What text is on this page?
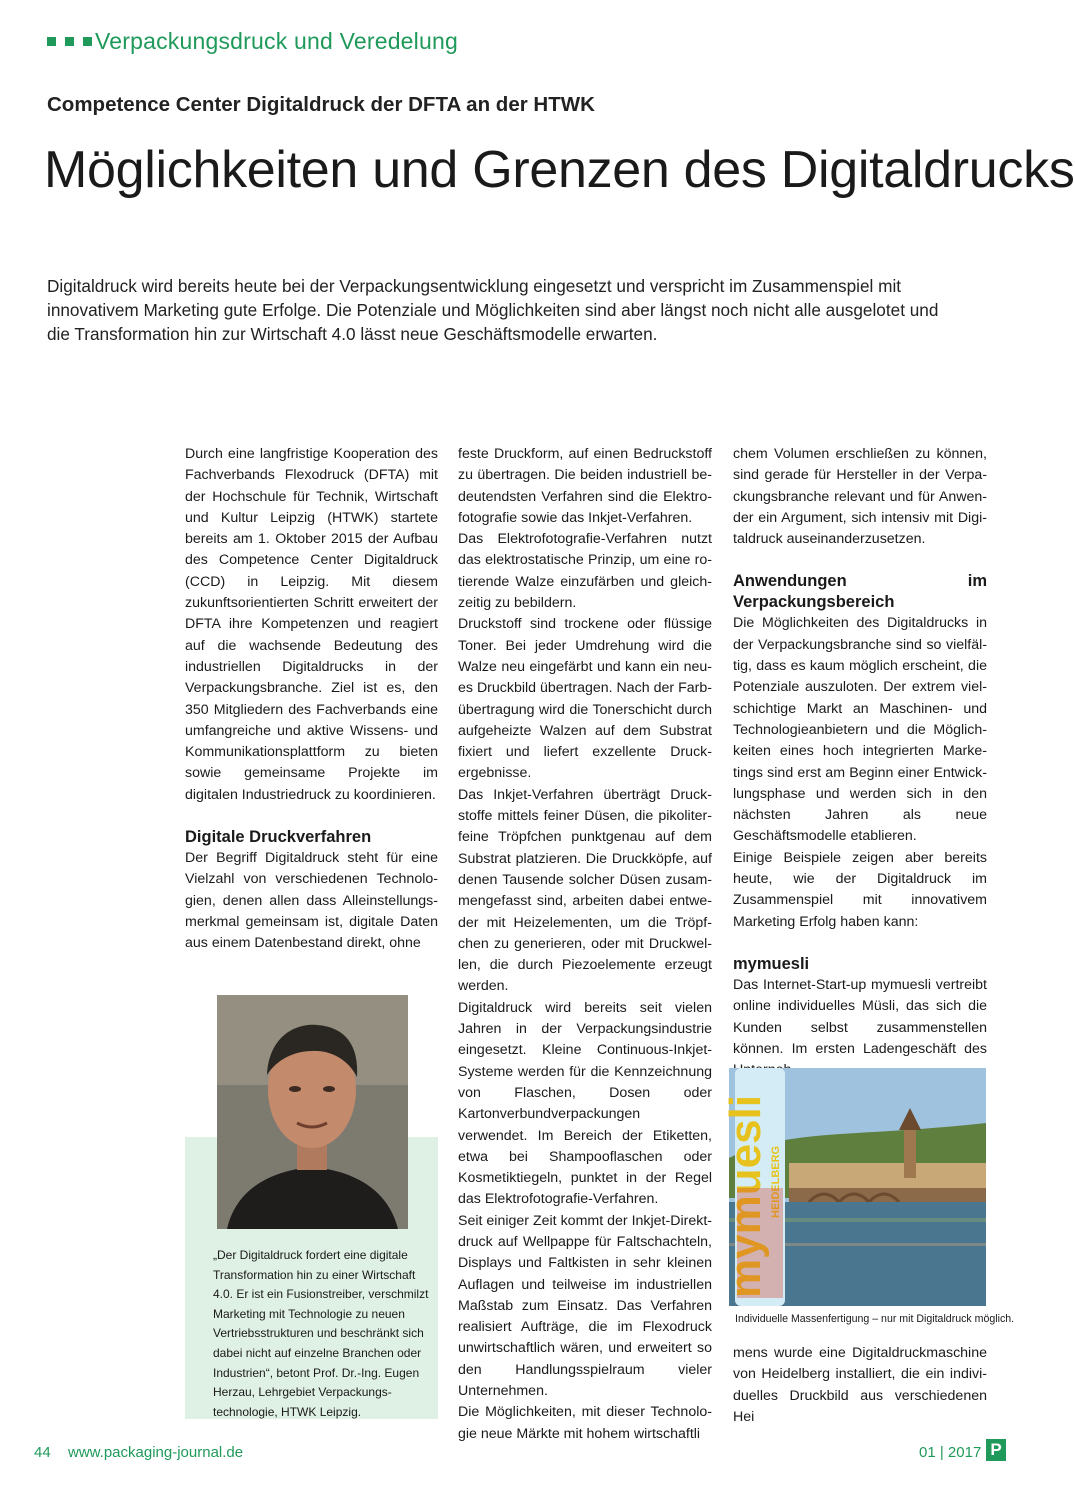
Verpackungsdruck und Veredelung
Competence Center Digitaldruck der DFTA an der HTWK
Möglichkeiten und Grenzen des Digitaldrucks
Digitaldruck wird bereits heute bei der Verpackungsentwicklung eingesetzt und verspricht im Zusammenspiel mit innovativem Marketing gute Erfolge. Die Potenziale und Möglichkeiten sind aber längst noch nicht alle ausgelotet und die Transformation hin zur Wirtschaft 4.0 lässt neue Geschäftsmodelle erwarten.

Durch eine langfristige Kooperation des Fachverbands Flexodruck (DFTA) mit der Hochschule für Technik, Wirtschaft und Kultur Leipzig (HTWK) startete bereits am 1. Oktober 2015 der Aufbau des Competence Center Digitaldruck (CCD) in Leipzig. Mit diesem zukunftsorientierten Schritt erweitert der DFTA ihre Kompetenzen und reagiert auf die wachsende Bedeutung des industriellen Digitaldrucks in der Verpackungsbranche. Ziel ist es, den 350 Mitgliedern des Fachverbands eine umfangreiche und aktive Wissens- und Kommunikationsplattform zu bieten sowie gemeinsame Projekte im digitalen Industriedruck zu koordinieren.

Digitale Druckverfahren

Der Begriff Digitaldruck steht für eine Vielzahl von verschiedenen Technologien, denen allen dass Alleinstellungsmerkmal gemeinsam ist, digitale Daten aus einem Datenbestand direkt, ohne

„Der Digitaldruck fordert eine digitale Transformation hin zu einer Wirtschaft 4.0. Er ist ein Fusionstreiber, verschmilzt Marketing mit Technologie zu neuen Vertriebsstrukturen und beschränkt sich dabei nicht auf einzelne Branchen oder Industrien“, betont Prof. Dr.-Ing. Eugen Herzau, Lehrgebiet Verpackungstechnologie, HTWK Leipzig.

feste Druckform, auf einen Bedruckstoff zu übertragen. Die beiden industriell bedeutendsten Verfahren sind die Elektrofotografie sowie das Inkjet-Verfahren.

Das Elektrofotografie-Verfahren nutzt das elektrostatische Prinzip, um eine rotierende Walze einzufärben und gleichzeitig zu bebildern.

Druckstoff sind trockene oder flüssige Toner. Bei jeder Umdrehung wird die Walze neu eingefärbt und kann ein neues Druckbild übertragen. Nach der Farbübertragung wird die Tonerschicht durch aufgeheizte Walzen auf dem Substrat fixiert und liefert exzellente Druckergebnisse.

Das Inkjet-Verfahren überträgt Druckstoffe mittels feiner Düsen, die pikoliterfeine Tröpfchen punktgenau auf dem Substrat platzieren. Die Druckköpfe, auf denen Tausende solcher Düsen zusammengefasst sind, arbeiten dabei entweder mit Heizelementen, um die Tröpfchen zu generieren, oder mit Druckwellen, die durch Piezoelemente erzeugt werden.

Digitaldruck wird bereits seit vielen Jahren in der Verpackungsindustrie eingesetzt. Kleine Continuous-Inkjet-Systeme werden für die Kennzeichnung von Flaschen, Dosen oder Kartonverbundverpackungen verwendet. Im Bereich der Etiketten, etwa bei Shampooflaschen oder Kosmetiktiegeln, punktet in der Regel das Elektrofotografie-Verfahren.

Seit einiger Zeit kommt der Inkjet-Direktdruck auf Wellpappe für Faltschachteln, Displays und Faltkisten in sehr kleinen Auflagen und teilweise im industriellen Maßstab zum Einsatz. Das Verfahren realisiert Aufträge, die im Flexodruck unwirtschaftlich wären, und erweitert so den Handlungsspielraum vieler Unternehmen.

Die Möglichkeiten, mit dieser Technologie neue Märkte mit hohem wirtschaftli

chem Volumen erschließen zu können, sind gerade für Hersteller in der Verpackungsbranche relevant und für Anwender ein Argument, sich intensiv mit Digitaldruck auseinanderzusetzen.

Anwendungen im Verpackungsbereich

Die Möglichkeiten des Digitaldrucks in der Verpackungsbranche sind so vielfältig, dass es kaum möglich erscheint, die Potenziale auszuloten. Der extrem vielschichtige Markt an Maschinen- und Technologieanbietern und die Möglichkeiten eines hoch integrierten Marketings sind erst am Beginn einer Entwicklungsphase und werden sich in den nächsten Jahren als neue Geschäftsmodelle etablieren.

Einige Beispiele zeigen aber bereits heute, wie der Digitaldruck im Zusammenspiel mit innovativem Marketing Erfolg haben kann:

mymuesli

Das Internet-Start-up mymuesli vertreibt online individuelles Müsli, das sich die Kunden selbst zusammenstellen können. Im ersten Ladengeschäft des

mymuesli HEIDELBERG
Individuelle Massenfertigung – nur mit Digitaldruck möglich.

mens wurde eine Digitaldruckmaschine von Heidelberg installiert, die ein individuelles Druckbild aus verschiedenen Hei

44 www.packaging-journal.de	01 | 2017 P
